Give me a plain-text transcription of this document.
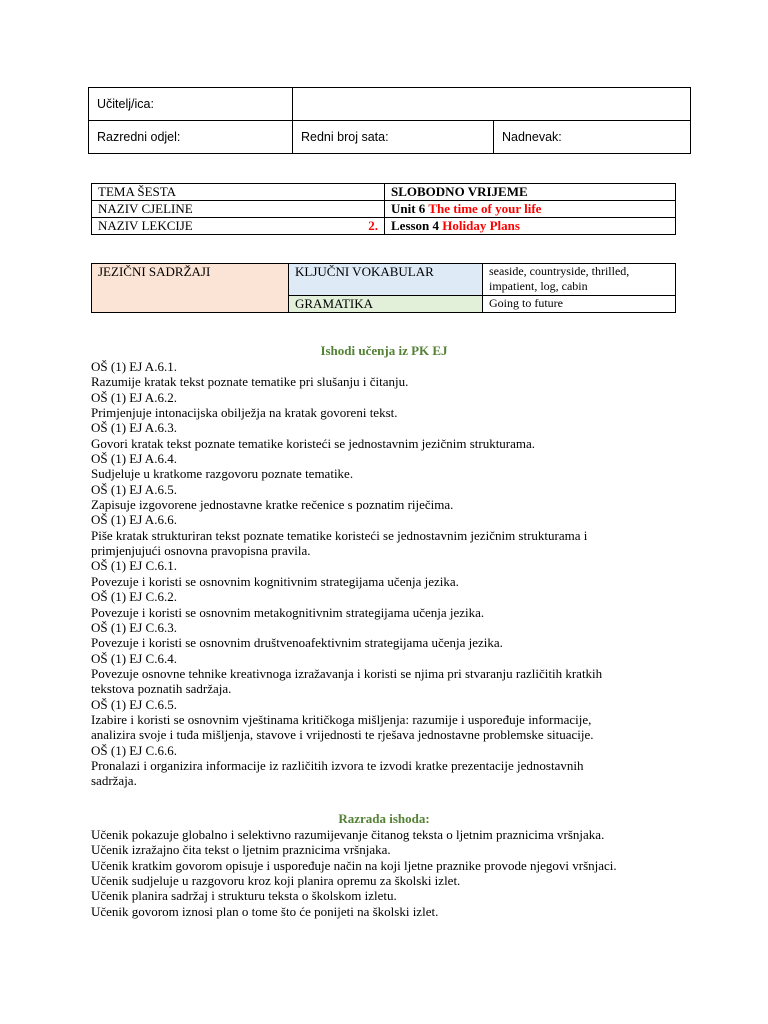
Učitelj/ica:		
Razredni odjel:	Redni broj sata:	Nadnevak:
TEMA ŠESTA	SLOBODNO VRIJEME
NAZIV CJELINE	Unit 6 The time of your life
NAZIV LEKCIJE 2.	Lesson 4 Holiday Plans
JEZIČNI SADRŽAJI	KLJUČNI VOKABULAR	seaside, countryside, thrilled, impatient, log, cabin
	GRAMATIKA	Going to future
Ishodi učenja iz PK EJ
OŠ (1) EJ A.6.1.
Razumije kratak tekst poznate tematike pri slušanju i čitanju.
OŠ (1) EJ A.6.2.
Primjenjuje intonacijska obilježja na kratak govoreni tekst.
OŠ (1) EJ A.6.3.
Govori kratak tekst poznate tematike koristeći se jednostavnim jezičnim strukturama.
OŠ (1) EJ A.6.4.
Sudjeluje u kratkome razgovoru poznate tematike.
OŠ (1) EJ A.6.5.
Zapisuje izgovorene jednostavne kratke rečenice s poznatim riječima.
OŠ (1) EJ A.6.6.
Piše kratak strukturiran tekst poznate tematike koristeći se jednostavnim jezičnim strukturama i
primjenjujući osnovna pravopisna pravila.
OŠ (1) EJ C.6.1.
Povezuje i koristi se osnovnim kognitivnim strategijama učenja jezika.
OŠ (1) EJ C.6.2.
Povezuje i koristi se osnovnim metakognitivnim strategijama učenja jezika.
OŠ (1) EJ C.6.3.
Povezuje i koristi se osnovnim društvenoafektivnim strategijama učenja jezika.
OŠ (1) EJ C.6.4.
Povezuje osnovne tehnike kreativnoga izražavanja i koristi se njima pri stvaranju različitih kratkih
tekstova poznatih sadržaja.
OŠ (1) EJ C.6.5.
Izabire i koristi se osnovnim vještinama kritičkoga mišljenja: razumije i uspoređuje informacije,
analizira svoje i tuđa mišljenja, stavove i vrijednosti te rješava jednostavne problemske situacije.
OŠ (1) EJ C.6.6.
Pronalazi i organizira informacije iz različitih izvora te izvodi kratke prezentacije jednostavnih
sadržaja.
Razrada ishoda:
Učenik pokazuje globalno i selektivno razumijevanje čitanog teksta o ljetnim praznicima vršnjaka.
Učenik izražajno čita tekst o ljetnim praznicima vršnjaka.
Učenik kratkim govorom opisuje i uspoređuje način na koji ljetne praznike provode njegovi vršnjaci.
Učenik sudjeluje u razgovoru kroz koji planira opremu za školski izlet.
Učenik planira sadržaj i strukturu teksta o školskom izletu.
Učenik govorom iznosi plan o tome što će ponijeti na školski izlet.
